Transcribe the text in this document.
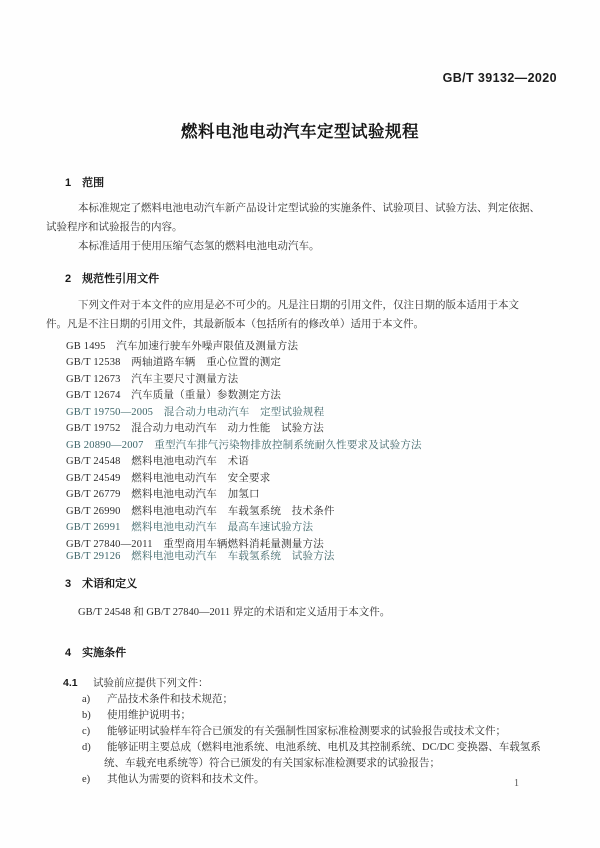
GB/T 39132—2020
燃料电池电动汽车定型试验规程
1　范围
本标准规定了燃料电池电动汽车新产品设计定型试验的实施条件、试验项目、试验方法、判定依据、
试验程序和试验报告的内容。
本标准适用于使用压缩气态氢的燃料电池电动汽车。
2　规范性引用文件
下列文件对于本文件的应用是必不可少的。凡是注日期的引用文件，仅注日期的版本适用于本文
件。凡是不注日期的引用文件，其最新版本（包括所有的修改单）适用于本文件。
GB 1495　汽车加速行驶车外噪声限值及测量方法
GB/T 12538　两轴道路车辆　重心位置的测定
GB/T 12673　汽车主要尺寸测量方法
GB/T 12674　汽车质量（重量）参数测定方法
GB/T 19750—2005　混合动力电动汽车　定型试验规程
GB/T 19752　混合动力电动汽车　动力性能　试验方法
GB 20890—2007　重型汽车排气污染物排放控制系统耐久性要求及试验方法
GB/T 24548　燃料电池电动汽车　术语
GB/T 24549　燃料电池电动汽车　安全要求
GB/T 26779　燃料电池电动汽车　加氢口
GB/T 26990　燃料电池电动汽车　车载氢系统　技术条件
GB/T 26991　燃料电池电动汽车　最高车速试验方法
GB/T 27840—2011　重型商用车辆燃料消耗量测量方法
GB/T 29126　燃料电池电动汽车　车载氢系统　试验方法
3　术语和定义
GB/T 24548 和 GB/T 27840—2011 界定的术语和定义适用于本文件。
4　实施条件
4.1 试验前应提供下列文件：
a) 产品技术条件和技术规范；
b) 使用维护说明书；
c) 能够证明试验样车符合已颁发的有关强制性国家标准检测要求的试验报告或技术文件；
d) 能够证明主要总成（燃料电池系统、电池系统、电机及其控制系统、DC/DC 变换器、车载氢系
统、车载充电系统等）符合已颁发的有关国家标准检测要求的试验报告；
e) 其他认为需要的资料和技术文件。	1
